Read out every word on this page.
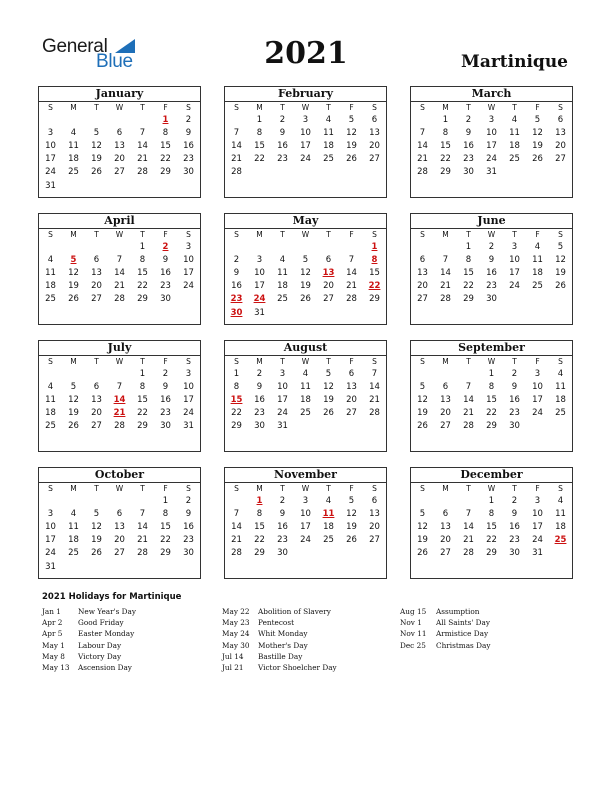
General
Blue	2021	Martinique
January
S	M	T	W	T	F	S
					1	2
3	4	5	6	7	8	9
10	11	12	13	14	15	16
17	18	19	20	21	22	23
24	25	26	27	28	29	30
31						
February
S	M	T	W	T	F	S
	1	2	3	4	5	6
7	8	9	10	11	12	13
14	15	16	17	18	19	20
21	22	23	24	25	26	27
28						

March
S	M	T	W	T	F	S
	1	2	3	4	5	6
7	8	9	10	11	12	13
14	15	16	17	18	19	20
21	22	23	24	25	26	27
28	29	30	31			

April
S	M	T	W	T	F	S
				1	2	3
4	5	6	7	8	9	10
11	12	13	14	15	16	17
18	19	20	21	22	23	24
25	26	27	28	29	30	

May
S	M	T	W	T	F	S
						1
2	3	4	5	6	7	8
9	10	11	12	13	14	15
16	17	18	19	20	21	22
23	24	25	26	27	28	29
30	31					
June
S	M	T	W	T	F	S
		1	2	3	4	5
6	7	8	9	10	11	12
13	14	15	16	17	18	19
20	21	22	23	24	25	26
27	28	29	30			

July
S	M	T	W	T	F	S
				1	2	3
4	5	6	7	8	9	10
11	12	13	14	15	16	17
18	19	20	21	22	23	24
25	26	27	28	29	30	31

August
S	M	T	W	T	F	S
1	2	3	4	5	6	7
8	9	10	11	12	13	14
15	16	17	18	19	20	21
22	23	24	25	26	27	28
29	30	31				

September
S	M	T	W	T	F	S
			1	2	3	4
5	6	7	8	9	10	11
12	13	14	15	16	17	18
19	20	21	22	23	24	25
26	27	28	29	30		

October
S	M	T	W	T	F	S
					1	2
3	4	5	6	7	8	9
10	11	12	13	14	15	16
17	18	19	20	21	22	23
24	25	26	27	28	29	30
31						
November
S	M	T	W	T	F	S
	1	2	3	4	5	6
7	8	9	10	11	12	13
14	15	16	17	18	19	20
21	22	23	24	25	26	27
28	29	30				

December
S	M	T	W	T	F	S
			1	2	3	4
5	6	7	8	9	10	11
12	13	14	15	16	17	18
19	20	21	22	23	24	25
26	27	28	29	30	31	

2021 Holidays for Martinique
Jan 1 New Year's Day
Apr 2 Good Friday
Apr 5 Easter Monday
May 1 Labour Day
May 8 Victory Day
May 13 Ascension Day
May 22 Abolition of Slavery
May 23 Pentecost
May 24 Whit Monday
May 30 Mother's Day
Jul 14 Bastille Day
Jul 21 Victor Shoelcher Day
Aug 15 Assumption
Nov 1 All Saints' Day
Nov 11 Armistice Day
Dec 25 Christmas Day
